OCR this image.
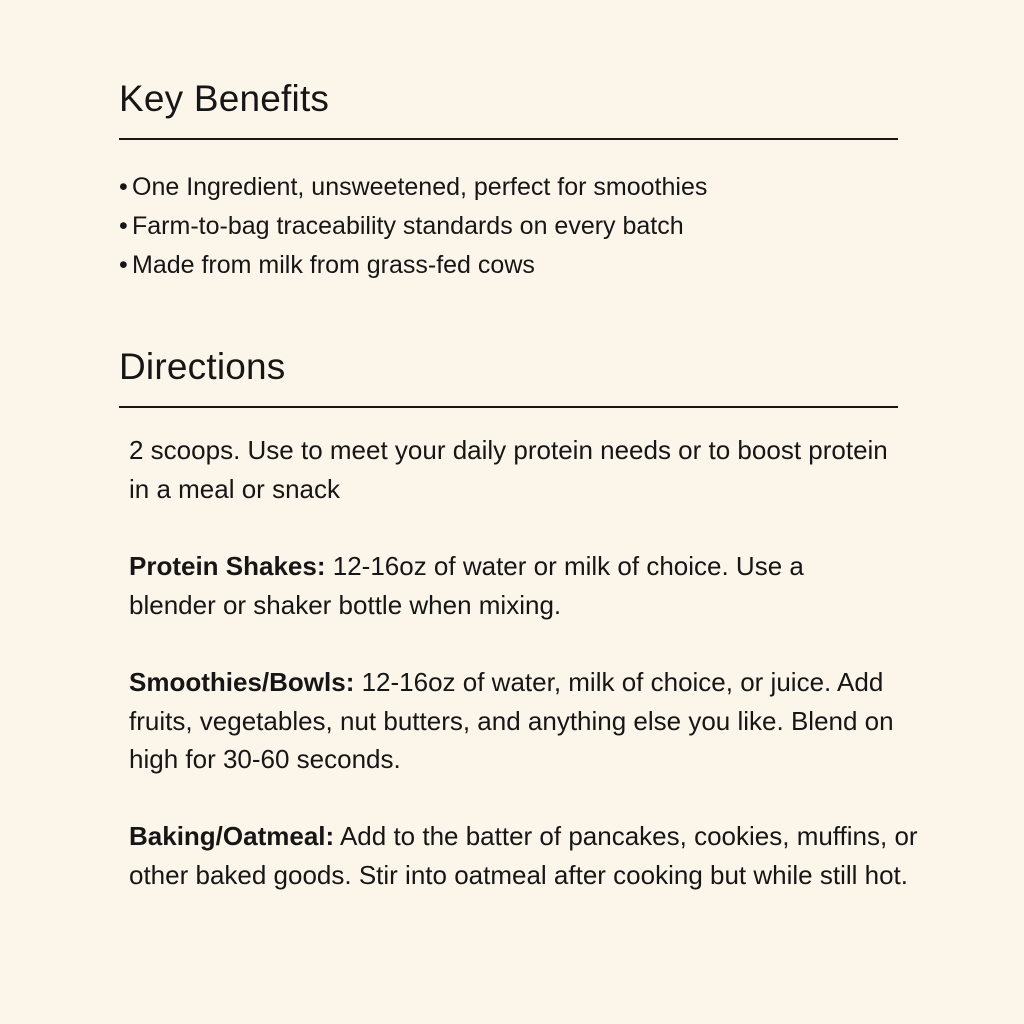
Key Benefits
• One Ingredient, unsweetened, perfect for smoothies
• Farm-to-bag traceability standards on every batch
• Made from milk from grass-fed cows
Directions

2 scoops. Use to meet your daily protein needs or to boost protein in a meal or snack

Protein Shakes: 12-16oz of water or milk of choice. Use a blender or shaker bottle when mixing.

Smoothies/Bowls: 12-16oz of water, milk of choice, or juice. Add fruits, vegetables, nut butters, and anything else you like. Blend on high for 30-60 seconds.

Baking/Oatmeal: Add to the batter of pancakes, cookies, muffins, or other baked goods. Stir into oatmeal after cooking but while still hot.
